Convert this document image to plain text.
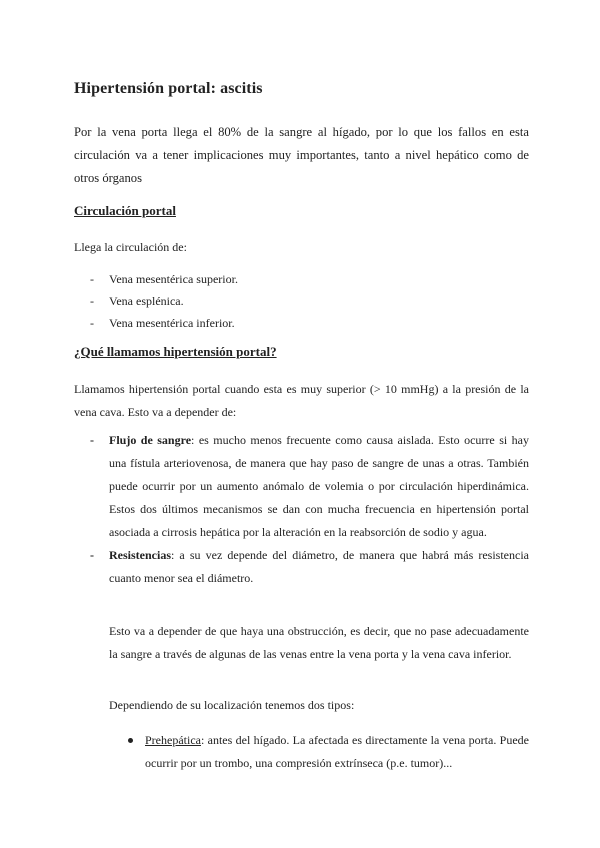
Hipertensión portal: ascitis

Por la vena porta llega el 80% de la sangre al hígado, por lo que los fallos en esta circulación va a tener implicaciones muy importantes, tanto a nivel hepático como de otros órganos

Circulación portal

Llega la circulación de:

- Vena mesentérica superior.
- Vena esplénica.
- Vena mesentérica inferior.
¿Qué llamamos hipertensión portal?

Llamamos hipertensión portal cuando esta es muy superior (> 10 mmHg) a la presión de la vena cava. Esto va a depender de:

- Flujo de sangre: es mucho menos frecuente como causa aislada. Esto ocurre si hay una fístula arteriovenosa, de manera que hay paso de sangre de unas a otras. También puede ocurrir por un aumento anómalo de volemia o por circulación hiperdinámica. Estos dos últimos mecanismos se dan con mucha frecuencia en hipertensión portal asociada a cirrosis hepática por la alteración en la reabsorción de sodio y agua.
- Resistencias: a su vez depende del diámetro, de manera que habrá más resistencia cuanto menor sea el diámetro.

Esto va a depender de que haya una obstrucción, es decir, que no pase adecuadamente la sangre a través de algunas de las venas entre la vena porta y la vena cava inferior.

Dependiendo de su localización tenemos dos tipos:

Prehepática: antes del hígado. La afectada es directamente la vena porta. Puede ocurrir por un trombo, una compresión extrínseca (p.e. tumor)...
